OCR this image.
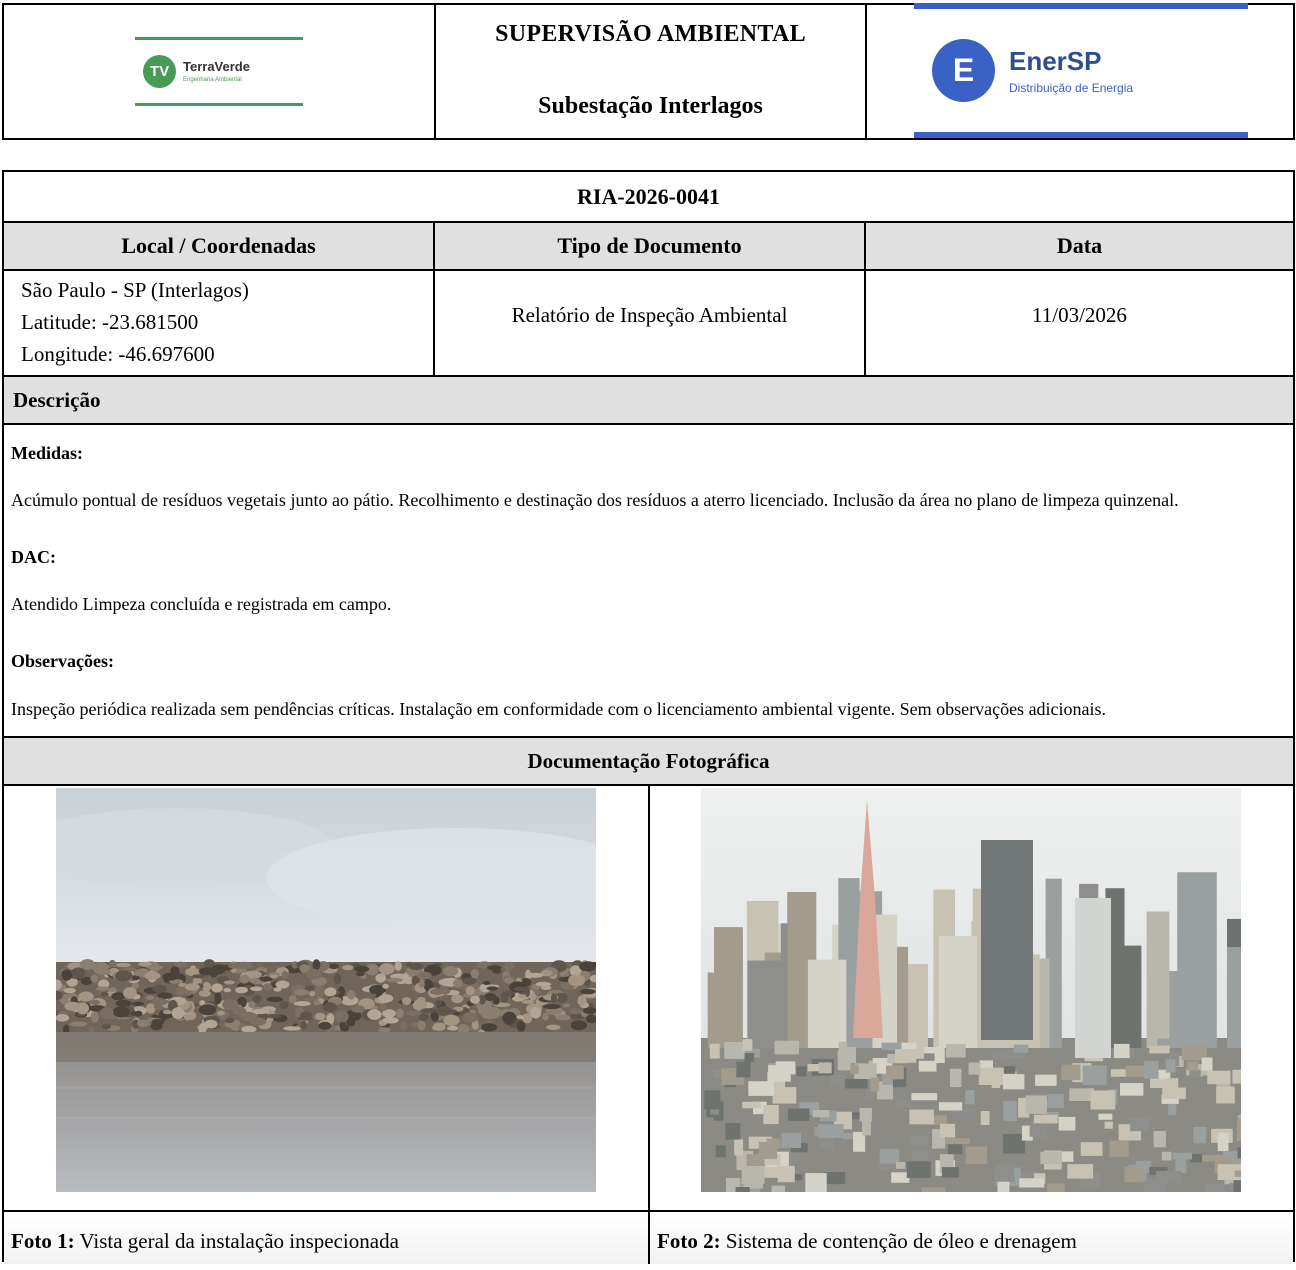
TV	TerraVerde
Engenharia Ambiental
SUPERVISÃO AMBIENTAL
Subestação Interlagos
E	EnerSP
Distribuição de Energia
RIA-2026-0041
Local / Coordenadas	Tipo de Documento	Data
São Paulo - SP (Interlagos)
Latitude: -23.681500
Longitude: -46.697600
Relatório de Inspeção Ambiental	11/03/2026
Descrição
Medidas:
Acúmulo pontual de resíduos vegetais junto ao pátio. Recolhimento e destinação dos resíduos a aterro licenciado. Inclusão da área no plano de limpeza quinzenal.
DAC:
Atendido Limpeza concluída e registrada em campo.
Observações:
Inspeção periódica realizada sem pendências críticas. Instalação em conformidade com o licenciamento ambiental vigente. Sem observações adicionais.
Documentação Fotográfica
Foto 1: Vista geral da instalação inspecionada	Foto 2: Sistema de contenção de óleo e drenagem
